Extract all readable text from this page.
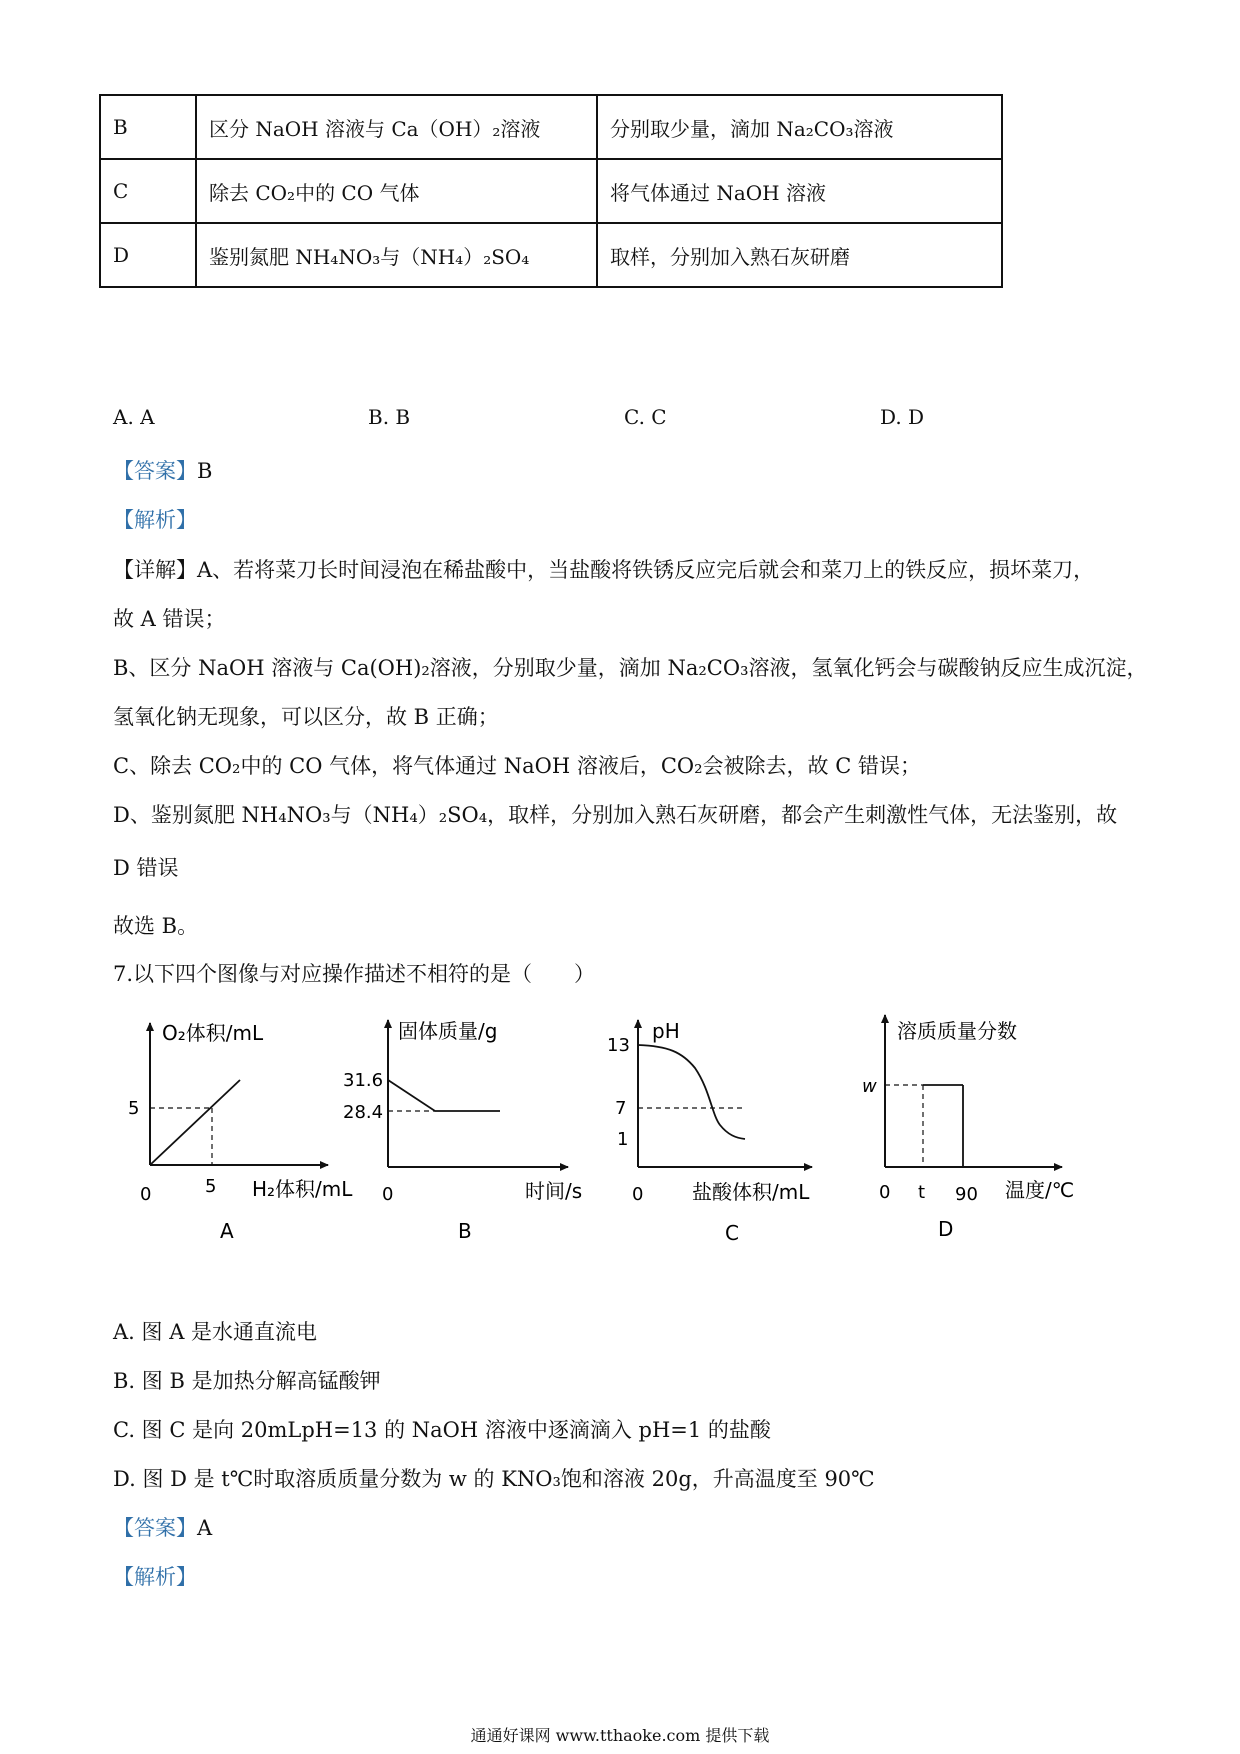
B	区分 NaOH 溶液与 Ca（OH）₂溶液	分别取少量，滴加 Na₂CO₃溶液
C	除去 CO₂中的 CO 气体	将气体通过 NaOH 溶液
D	鉴别氮肥 NH₄NO₃与（NH₄）₂SO₄	取样，分别加入熟石灰研磨
A. A	B. B	C. C	D. D
【答案】B
【解析】
【详解】A、若将菜刀长时间浸泡在稀盐酸中，当盐酸将铁锈反应完后就会和菜刀上的铁反应，损坏菜刀，
故 A 错误；
B、区分 NaOH 溶液与 Ca(OH)₂溶液，分别取少量，滴加 Na₂CO₃溶液，氢氧化钙会与碳酸钠反应生成沉淀，
氢氧化钠无现象，可以区分，故 B 正确；
C、除去 CO₂中的 CO 气体，将气体通过 NaOH 溶液后，CO₂会被除去，故 C 错误；
D、鉴别氮肥 NH₄NO₃与（NH₄）₂SO₄，取样，分别加入熟石灰研磨，都会产生刺激性气体，无法鉴别，故
D 错误
故选 B。
7.以下四个图像与对应操作描述不相符的是（　　）
O₂体积/mL
H₂体积/mL
0	5
5
A
固体质量/g
时间/s
0
31.6
28.4
B
pH
盐酸体积/mL
0
13
7
1
C
溶质质量分数
温度/℃
0 t 90
w
D
A. 图 A 是水通直流电
B. 图 B 是加热分解高锰酸钾
C. 图 C 是向 20mLpH=13 的 NaOH 溶液中逐滴滴入 pH=1 的盐酸
D. 图 D 是 t℃时取溶质质量分数为 w 的 KNO₃饱和溶液 20g，升高温度至 90℃
【答案】A
【解析】
通通好课网 www.tthaoke.com 提供下载
